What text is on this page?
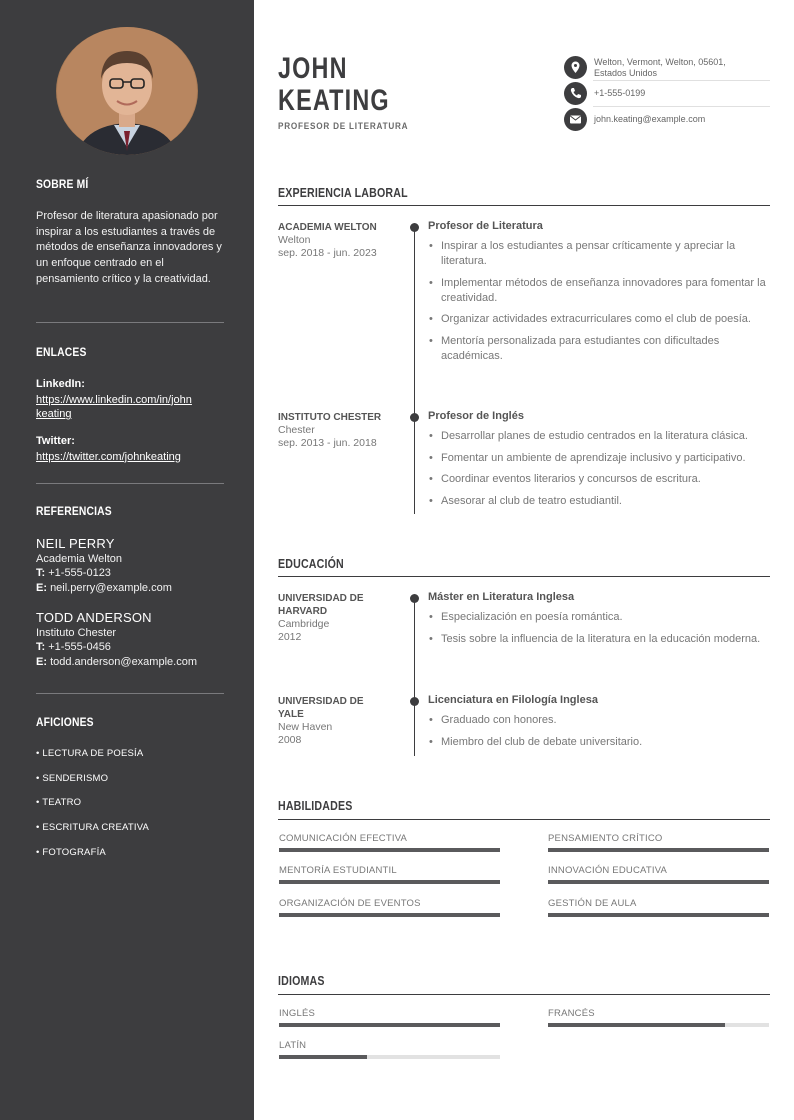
SOBRE MÍ
Profesor de literatura apasionado por inspirar a los estudiantes a través de métodos de enseñanza innovadores y un enfoque centrado en el pensamiento crítico y la creatividad.
ENLACES
LinkedIn:
https://www.linkedin.com/in/john
keating
Twitter:
https://twitter.com/johnkeating
REFERENCIAS
NEIL PERRY
Academia Welton
T: +1-555-0123
E: neil.perry@example.com
TODD ANDERSON
Instituto Chester
T: +1-555-0456
E: todd.anderson@example.com
AFICIONES
• LECTURA DE POESÍA
• SENDERISMO
• TEATRO
• ESCRITURA CREATIVA
• FOTOGRAFÍA
JOHN
KEATING
PROFESOR DE LITERATURA
Welton, Vermont, Welton, 05601,
Estados Unidos
+1-555-0199
john.keating@example.com
EXPERIENCIA LABORAL
ACADEMIA WELTON
Welton
sep. 2018 - jun. 2023
Profesor de Literatura
• Inspirar a los estudiantes a pensar críticamente y apreciar la literatura.
• Implementar métodos de enseñanza innovadores para fomentar la creatividad.
• Organizar actividades extracurriculares como el club de poesía.
• Mentoría personalizada para estudiantes con dificultades académicas.
INSTITUTO CHESTER
Chester
sep. 2013 - jun. 2018
Profesor de Inglés
• Desarrollar planes de estudio centrados en la literatura clásica.
• Fomentar un ambiente de aprendizaje inclusivo y participativo.
• Coordinar eventos literarios y concursos de escritura.
• Asesorar al club de teatro estudiantil.
EDUCACIÓN
UNIVERSIDAD DE
HARVARD
Cambridge
2012
Máster en Literatura Inglesa
• Especialización en poesía romántica.
• Tesis sobre la influencia de la literatura en la educación moderna.
UNIVERSIDAD DE
YALE
New Haven
2008
Licenciatura en Filología Inglesa
• Graduado con honores.
• Miembro del club de debate universitario.
HABILIDADES
COMUNICACIÓN EFECTIVA	PENSAMIENTO CRÍTICO
MENTORÍA ESTUDIANTIL	INNOVACIÓN EDUCATIVA
ORGANIZACIÓN DE EVENTOS	GESTIÓN DE AULA
IDIOMAS
INGLÉS	FRANCÉS
LATÍN
